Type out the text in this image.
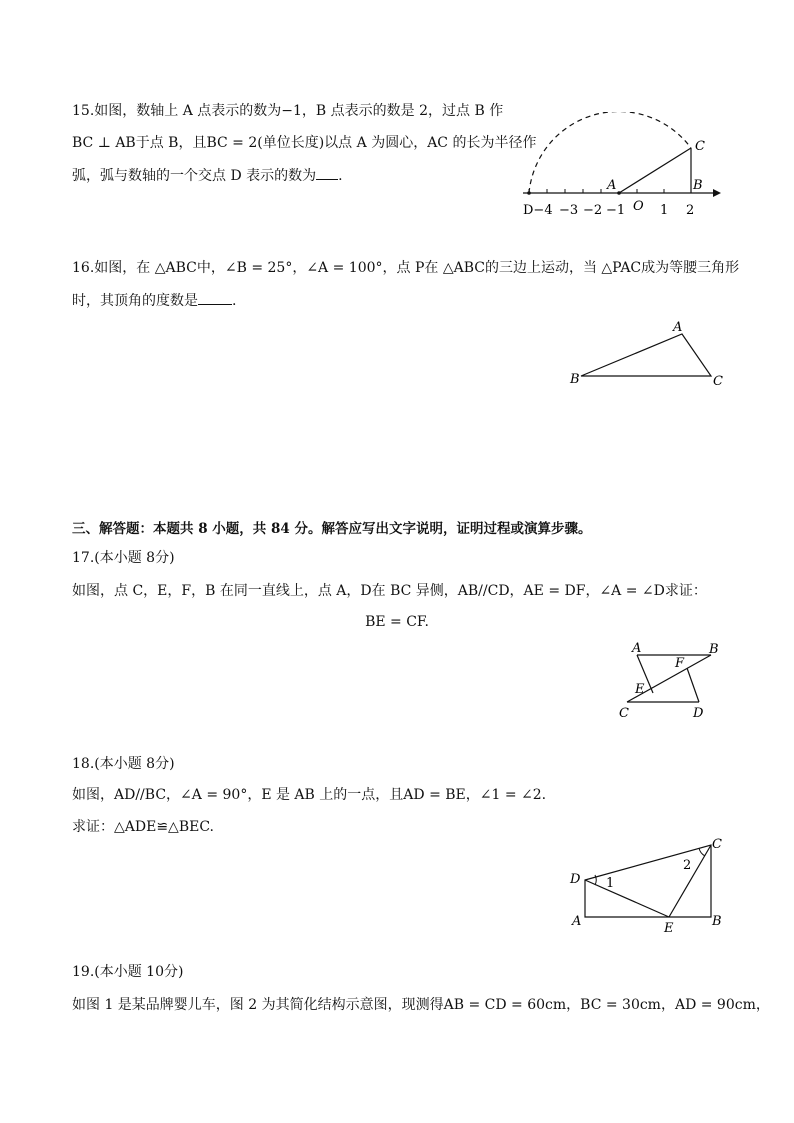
15.如图，数轴上 A 点表示的数为−1，B 点表示的数是 2，过点 B 作
BC ⊥ AB于点 B，且BC = 2(单位长度)以点 A 为圆心，AC 的长为半径作
弧，弧与数轴的一个交点 D 表示的数为 .
C
A	B
O
D−4 −3 −2 −1	1 2
16.如图，在 △ABC中，∠B = 25°，∠A = 100°，点 P在 △ABC的三边上运动，当 △PAC成为等腰三角形
时，其顶角的度数是 .
A
B	C
三、解答题：本题共 8 小题，共 84 分。解答应写出文字说明，证明过程或演算步骤。
17.(本小题 8分)
如图，点 C，E，F，B 在同一直线上，点 A，D在 BC 异侧，AB//CD，AE = DF，∠A = ∠D求证：
BE = CF.
A	B
F
E
C	D
18.(本小题 8分)
如图，AD//BC，∠A = 90°，E 是 AB 上的一点，且AD = BE，∠1 = ∠2.
求证：△ADE≌△BEC.
C
D 1
2
A	E	B
19.(本小题 10分)
如图 1 是某品牌婴儿车，图 2 为其简化结构示意图，现测得AB = CD = 60cm，BC = 30cm，AD = 90cm，
